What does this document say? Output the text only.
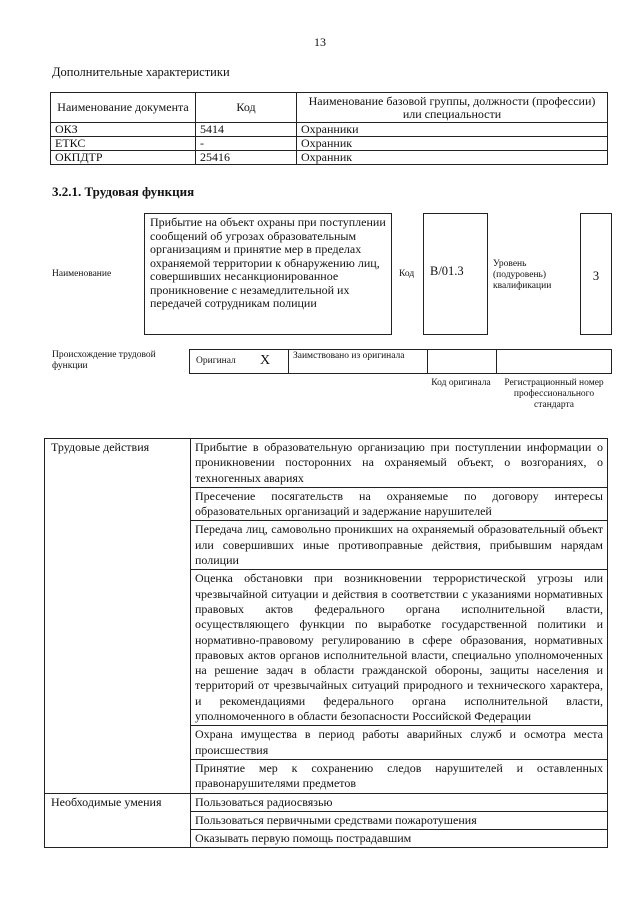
13
Дополнительные характеристики
Наименование документа	Код	Наименование базовой группы, должности (профессии) или специальности
ОКЗ	5414	Охранники
ЕТКС	-	Охранник
ОКПДТР	25416	Охранник
3.2.1. Трудовая функция
Наименование
Прибытие на объект охраны при поступлении сообщений об угрозах образовательным организациям и принятие мер в пределах охраняемой территории к обнаружению лиц, совершивших несанкционированное проникновение с незамедлительной их передачей сотрудникам полиции
Код	B/01.3	Уровень (подуровень) квалификации
3
Происхождение трудовой функции	Оригинал X	Заимствовано из оригинала
Код оригинала	Регистрационный номер профессионального стандарта
Трудовые действия	Прибытие в образовательную организацию при поступлении информации о проникновении посторонних на охраняемый объект, о возгораниях, о техногенных авариях
	Пресечение посягательств на охраняемые по договору интересы образовательных организаций и задержание нарушителей
	Передача лиц, самовольно проникших на охраняемый образовательный объект или совершивших иные противоправные действия, прибывшим нарядам полиции
	Оценка обстановки при возникновении террористической угрозы или чрезвычайной ситуации и действия в соответствии с указаниями нормативных правовых актов федерального органа исполнительной власти, осуществляющего функции по выработке государственной политики и нормативно-правовому регулированию в сфере образования, нормативных правовых актов органов исполнительной власти, специально уполномоченных на решение задач в области гражданской обороны, защиты населения и территорий от чрезвычайных ситуаций природного и технического характера, и рекомендациями федерального органа исполнительной власти, уполномоченного в области безопасности Российской Федерации
	Охрана имущества в период работы аварийных служб и осмотра места происшествия
	Принятие мер к сохранению следов нарушителей и оставленных правонарушителями предметов
Необходимые умения	Пользоваться радиосвязью
	Пользоваться первичными средствами пожаротушения
	Оказывать первую помощь пострадавшим
